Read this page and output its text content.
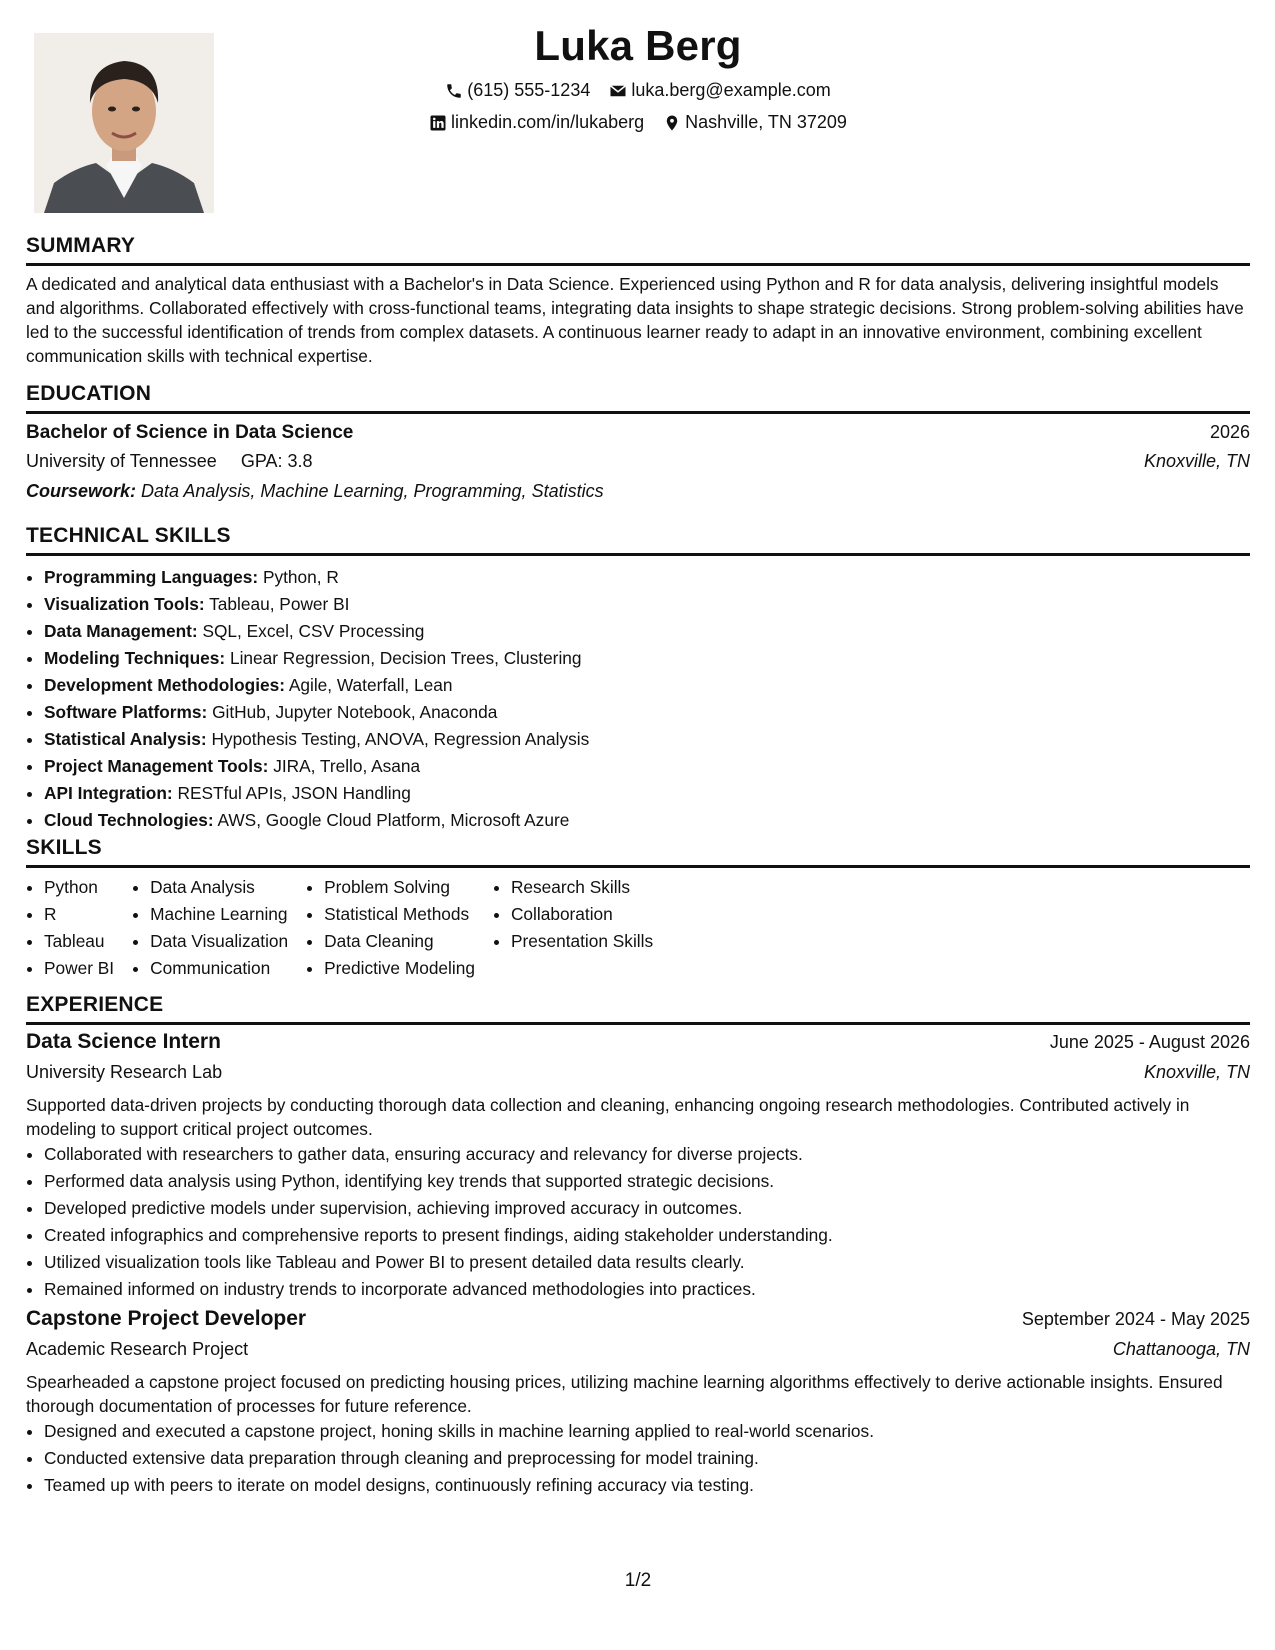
Luka Berg
(615) 555-1234
luka.berg@example.com
linkedin.com/in/lukaberg
Nashville, TN 37209
SUMMARY
A dedicated and analytical data enthusiast with a Bachelor's in Data Science. Experienced using Python and R for data analysis, delivering insightful models and algorithms. Collaborated effectively with cross-functional teams, integrating data insights to shape strategic decisions. Strong problem-solving abilities have led to the successful identification of trends from complex datasets. A continuous learner ready to adapt in an innovative environment, combining excellent communication skills with technical expertise.
EDUCATION
Bachelor of Science in Data Science	2026
University of Tennessee GPA: 3.8	Knoxville, TN
Coursework: Data Analysis, Machine Learning, Programming, Statistics
TECHNICAL SKILLS
• Programming Languages: Python, R
• Visualization Tools: Tableau, Power BI
• Data Management: SQL, Excel, CSV Processing
• Modeling Techniques: Linear Regression, Decision Trees, Clustering
• Development Methodologies: Agile, Waterfall, Lean
• Software Platforms: GitHub, Jupyter Notebook, Anaconda
• Statistical Analysis: Hypothesis Testing, ANOVA, Regression Analysis
• Project Management Tools: JIRA, Trello, Asana
• API Integration: RESTful APIs, JSON Handling
• Cloud Technologies: AWS, Google Cloud Platform, Microsoft Azure
SKILLS
• Python
• R
• Tableau
• Power BI
• Data Analysis
• Machine Learning
• Data Visualization
• Communication
• Problem Solving
• Statistical Methods
• Data Cleaning
• Predictive Modeling
• Research Skills
• Collaboration
• Presentation Skills
EXPERIENCE
Data Science Intern	June 2025 - August 2026
University Research Lab	Knoxville, TN
Supported data-driven projects by conducting thorough data collection and cleaning, enhancing ongoing research methodologies. Contributed actively in modeling to support critical project outcomes.
• Collaborated with researchers to gather data, ensuring accuracy and relevancy for diverse projects.
• Performed data analysis using Python, identifying key trends that supported strategic decisions.
• Developed predictive models under supervision, achieving improved accuracy in outcomes.
• Created infographics and comprehensive reports to present findings, aiding stakeholder understanding.
• Utilized visualization tools like Tableau and Power BI to present detailed data results clearly.
• Remained informed on industry trends to incorporate advanced methodologies into practices.
Capstone Project Developer	September 2024 - May 2025
Academic Research Project	Chattanooga, TN
Spearheaded a capstone project focused on predicting housing prices, utilizing machine learning algorithms effectively to derive actionable insights. Ensured thorough documentation of processes for future reference.
• Designed and executed a capstone project, honing skills in machine learning applied to real-world scenarios.
• Conducted extensive data preparation through cleaning and preprocessing for model training.
• Teamed up with peers to iterate on model designs, continuously refining accuracy via testing.
1/2
